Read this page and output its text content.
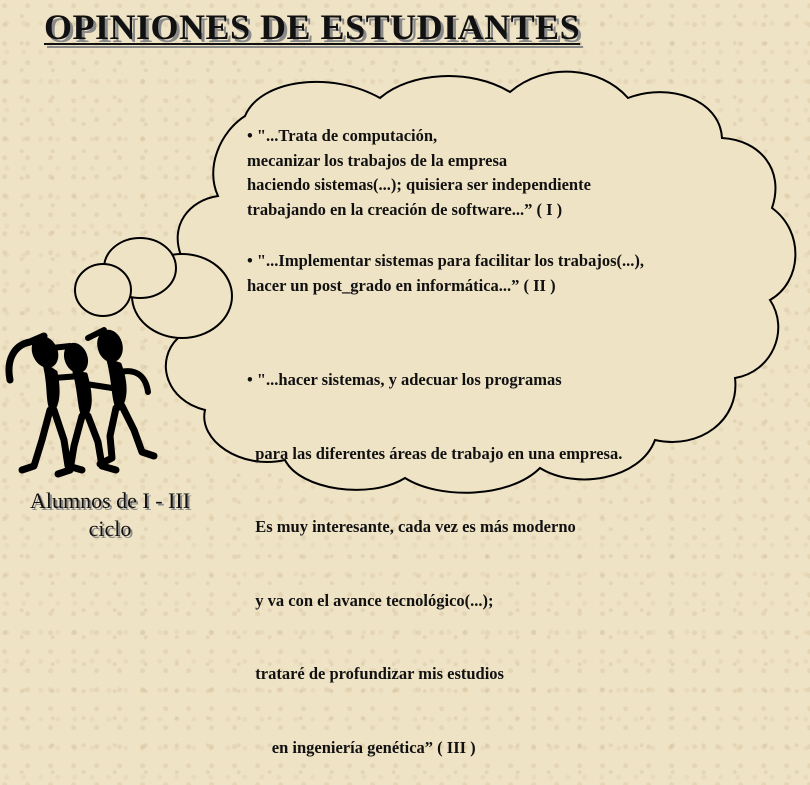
OPINIONES DE ESTUDIANTES
• "...Trata de computación,
mecanizar los trabajos de la empresa
haciendo sistemas(...); quisiera ser independiente
trabajando en la creación de software...” ( I )
• "...Implementar sistemas para facilitar los trabajos(...),
hacer un post_grado en informática...” ( II )

• "...hacer sistemas, y adecuar los programas

para las diferentes áreas de trabajo en una empresa.

Es muy interesante, cada vez es más moderno

y va con el avance tecnológico(...);

trataré de profundizar mis estudios

en ingeniería genética” ( III )

Alumnos de I - III
ciclo
